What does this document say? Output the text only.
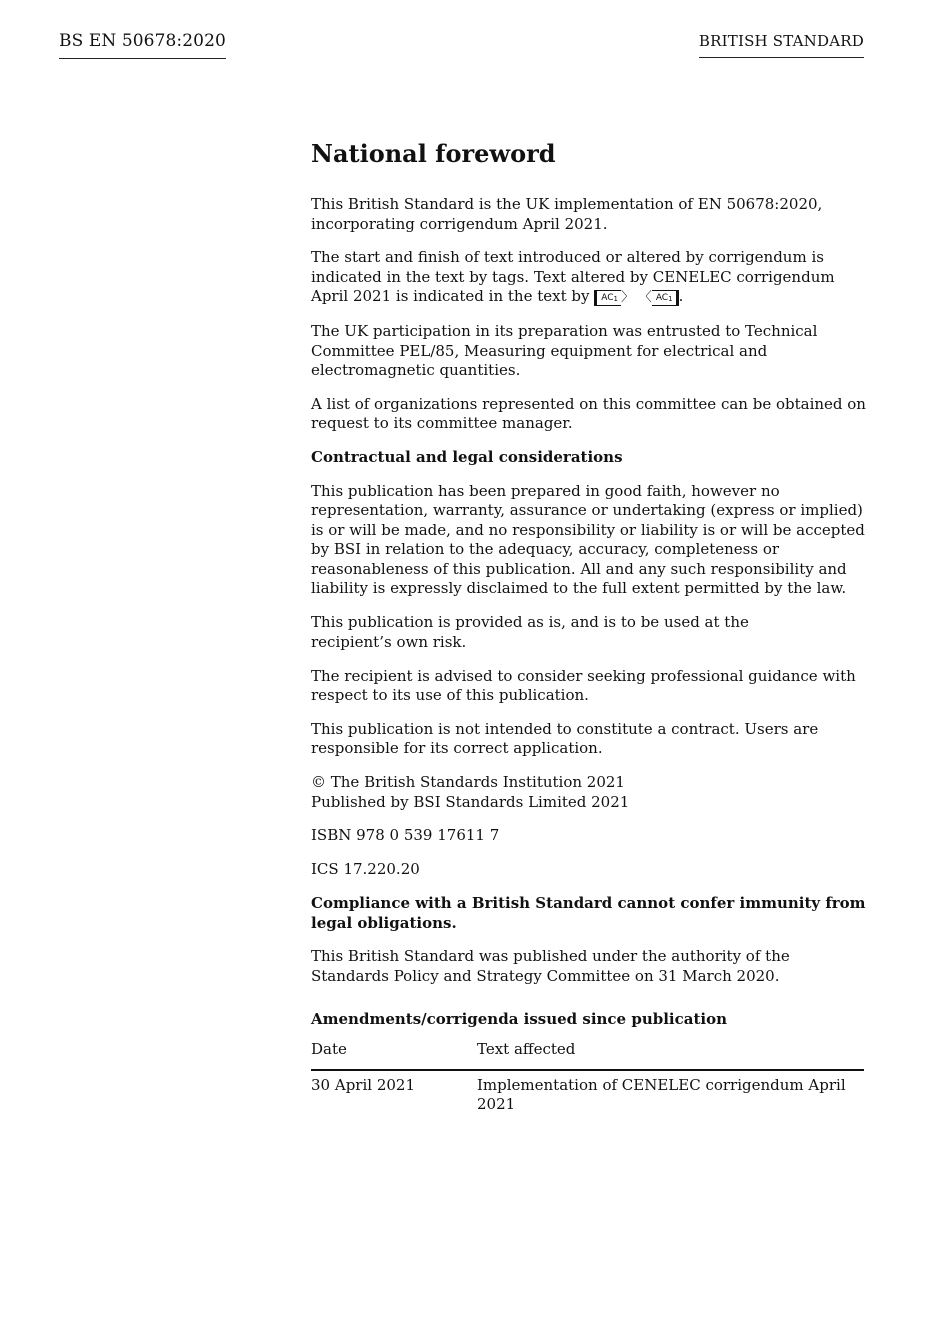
BS EN 50678:2020	BRITISH STANDARD
National foreword

This British Standard is the UK implementation of EN 50678:2020, incorporating corrigendum April 2021.

The start and finish of text introduced or altered by corrigendum is indicated in the text by tags. Text altered by CENELEC corrigendum April 2021 is indicated in the text by $AC_1$ 〉 〈 $AC_1$ .

The UK participation in its preparation was entrusted to Technical Committee PEL/85, Measuring equipment for electrical and electromagnetic quantities.

A list of organizations represented on this committee can be obtained on request to its committee manager.

Contractual and legal considerations

This publication has been prepared in good faith, however no representation, warranty, assurance or undertaking (express or implied) is or will be made, and no responsibility or liability is or will be accepted by BSI in relation to the adequacy, accuracy, completeness or reasonableness of this publication. All and any such responsibility and liability is expressly disclaimed to the full extent permitted by the law.

This publication is provided as is, and is to be used at the
recipient’s own risk.

The recipient is advised to consider seeking professional guidance with respect to its use of this publication.

This publication is not intended to constitute a contract. Users are responsible for its correct application.

© The British Standards Institution 2021
Published by BSI Standards Limited 2021

ISBN 978 0 539 17611 7

ICS 17.220.20

Compliance with a British Standard cannot confer immunity from legal obligations.

This British Standard was published under the authority of the Standards Policy and Strategy Committee on 31 March 2020.

Amendments/corrigenda issued since publication
Date	Text affected
30 April 2021	Implementation of CENELEC corrigendum April 2021
